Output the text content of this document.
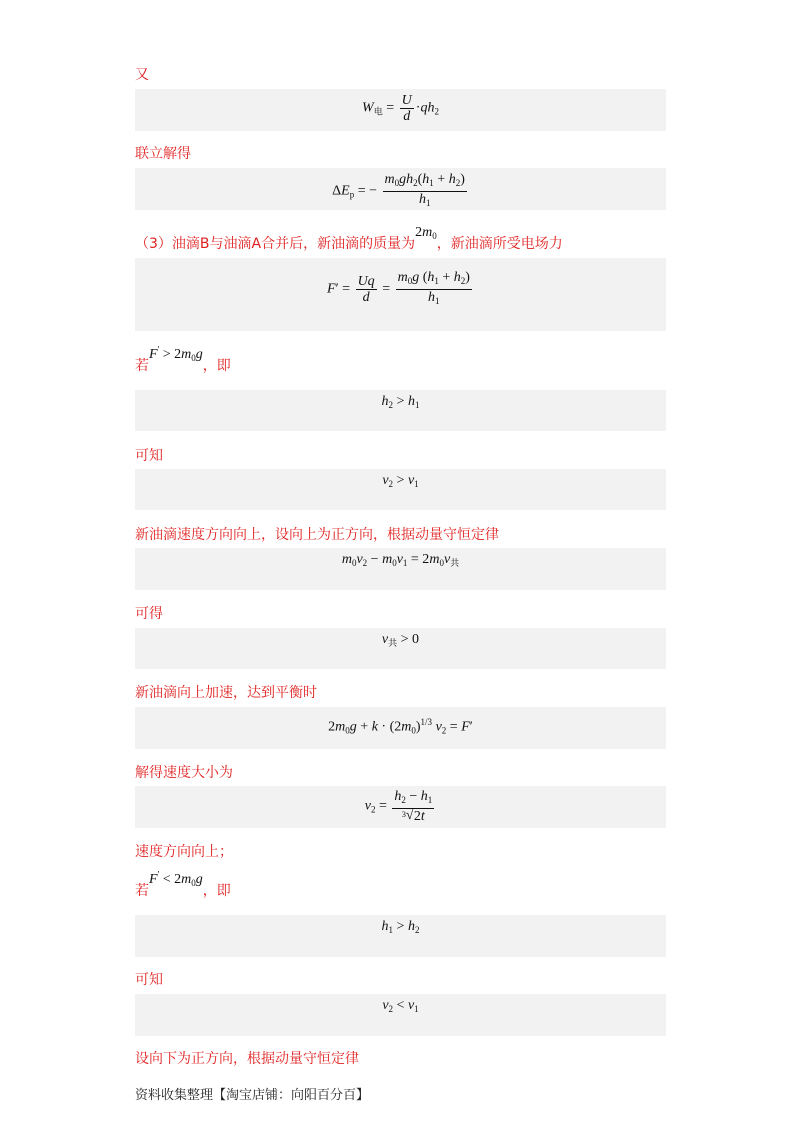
又
$W_电 = \frac{U}{d} \cdot qh_2$
联立解得
$\Delta E_p$ = − $\frac{m_0gh_2(h_1 + h_2)}{h_1}$
（3）油滴B与油滴A合并后，新油滴的质量为$2m_0$，新油滴所受电场力
$F' = \frac{Uq}{d} = \frac{m_0g (h_1 + h_2)}{h_1}$
若$F' > 2m_0g$，即
$h_2 > h_1$
可知
$v_2 > v_1$
新油滴速度方向向上，设向上为正方向，根据动量守恒定律
$m_0v_2 - m_0v_1 = 2m_0v_共$
可得
$v_共 > 0$
新油滴向上加速，达到平衡时
$2m_0g + k \cdot (2m_0)^{1/3}$ $v_2 = F'$
解得速度大小为
$v_2 = \frac{h_2 - h_1}{3 √ 2t}$
速度方向向上；
若$F' < 2m_0g$，即
$h_1 > h_2$
可知
$v_2 < v_1$
设向下为正方向，根据动量守恒定律
资料收集整理【淘宝店铺：向阳百分百】
